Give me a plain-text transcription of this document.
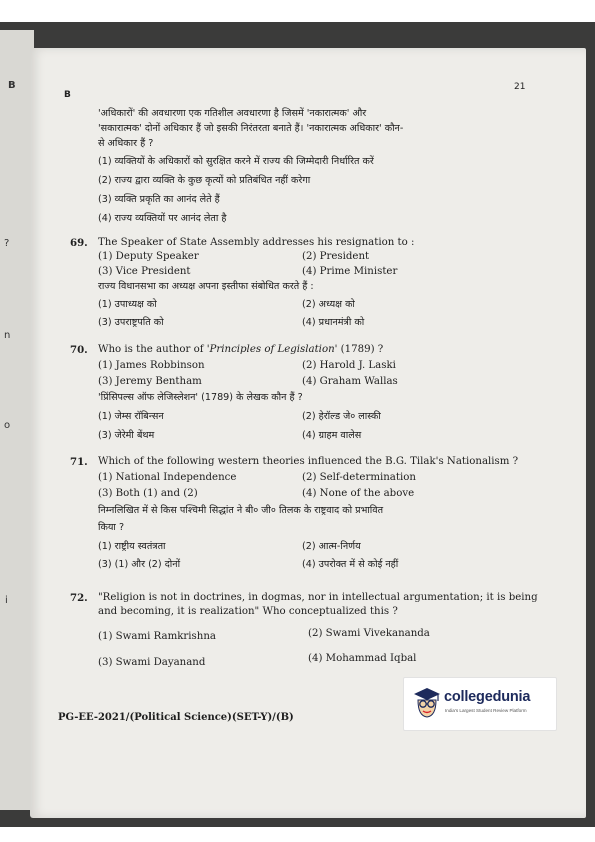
B
?
n
o
i
B
21
'अधिकारों' की अवधारणा एक गतिशील अवधारणा है जिसमें 'नकारात्मक' और
'सकारात्मक' दोनों अधिकार हैं जो इसकी निरंतरता बनाते हैं। 'नकारात्मक अधिकार' कौन-
से अधिकार हैं ?
(1) व्यक्तियों के अधिकारों को सुरक्षित करने में राज्य की जिम्मेदारी निर्धारित करें
(2) राज्य द्वारा व्यक्ति के कुछ कृत्यों को प्रतिबंधित नहीं करेगा
(3) व्यक्ति प्रकृति का आनंद लेते हैं
(4) राज्य व्यक्तियों पर आनंद लेता है
69. The Speaker of State Assembly addresses his resignation to :
(1) Deputy Speaker	(2) President
(3) Vice President	(4) Prime Minister
राज्य विधानसभा का अध्यक्ष अपना इस्तीफा संबोधित करते हैं :
(1) उपाध्यक्ष को	(2) अध्यक्ष को
(3) उपराष्ट्रपति को	(4) प्रधानमंत्री को
70. Who is the author of 'Principles of Legislation' (1789) ?
(1) James Robbinson	(2) Harold J. Laski
(3) Jeremy Bentham	(4) Graham Wallas
'प्रिंसिपल्स ऑफ लेजिस्लेशन' (1789) के लेखक कौन हैं ?
(1) जेम्स रॉबिन्सन	(2) हेरॉल्ड जे० लास्की
(3) जेरेमी बेंथम	(4) ग्राहम वालेस
71. Which of the following western theories influenced the B.G. Tilak's Nationalism ?
(1) National Independence	(2) Self-determination
(3) Both (1) and (2)	(4) None of the above
निम्नलिखित में से किस पश्चिमी सिद्धांत ने बी० जी० तिलक के राष्ट्रवाद को प्रभावित
किया ?
(1) राष्ट्रीय स्वतंत्रता	(2) आत्म-निर्णय
(3) (1) और (2) दोनों	(4) उपरोक्त में से कोई नहीं
72. "Religion is not in doctrines, in dogmas, nor in intellectual argumentation; it is being
and becoming, it is realization" Who conceptualized this ?
(1) Swami Ramkrishna	(2) Swami Vivekananda
(3) Swami Dayanand	(4) Mohammad Iqbal
PG-EE-2021/(Political Science)(SET-Y)/(B)
collegedunia
India's Largest Student Review Platform
